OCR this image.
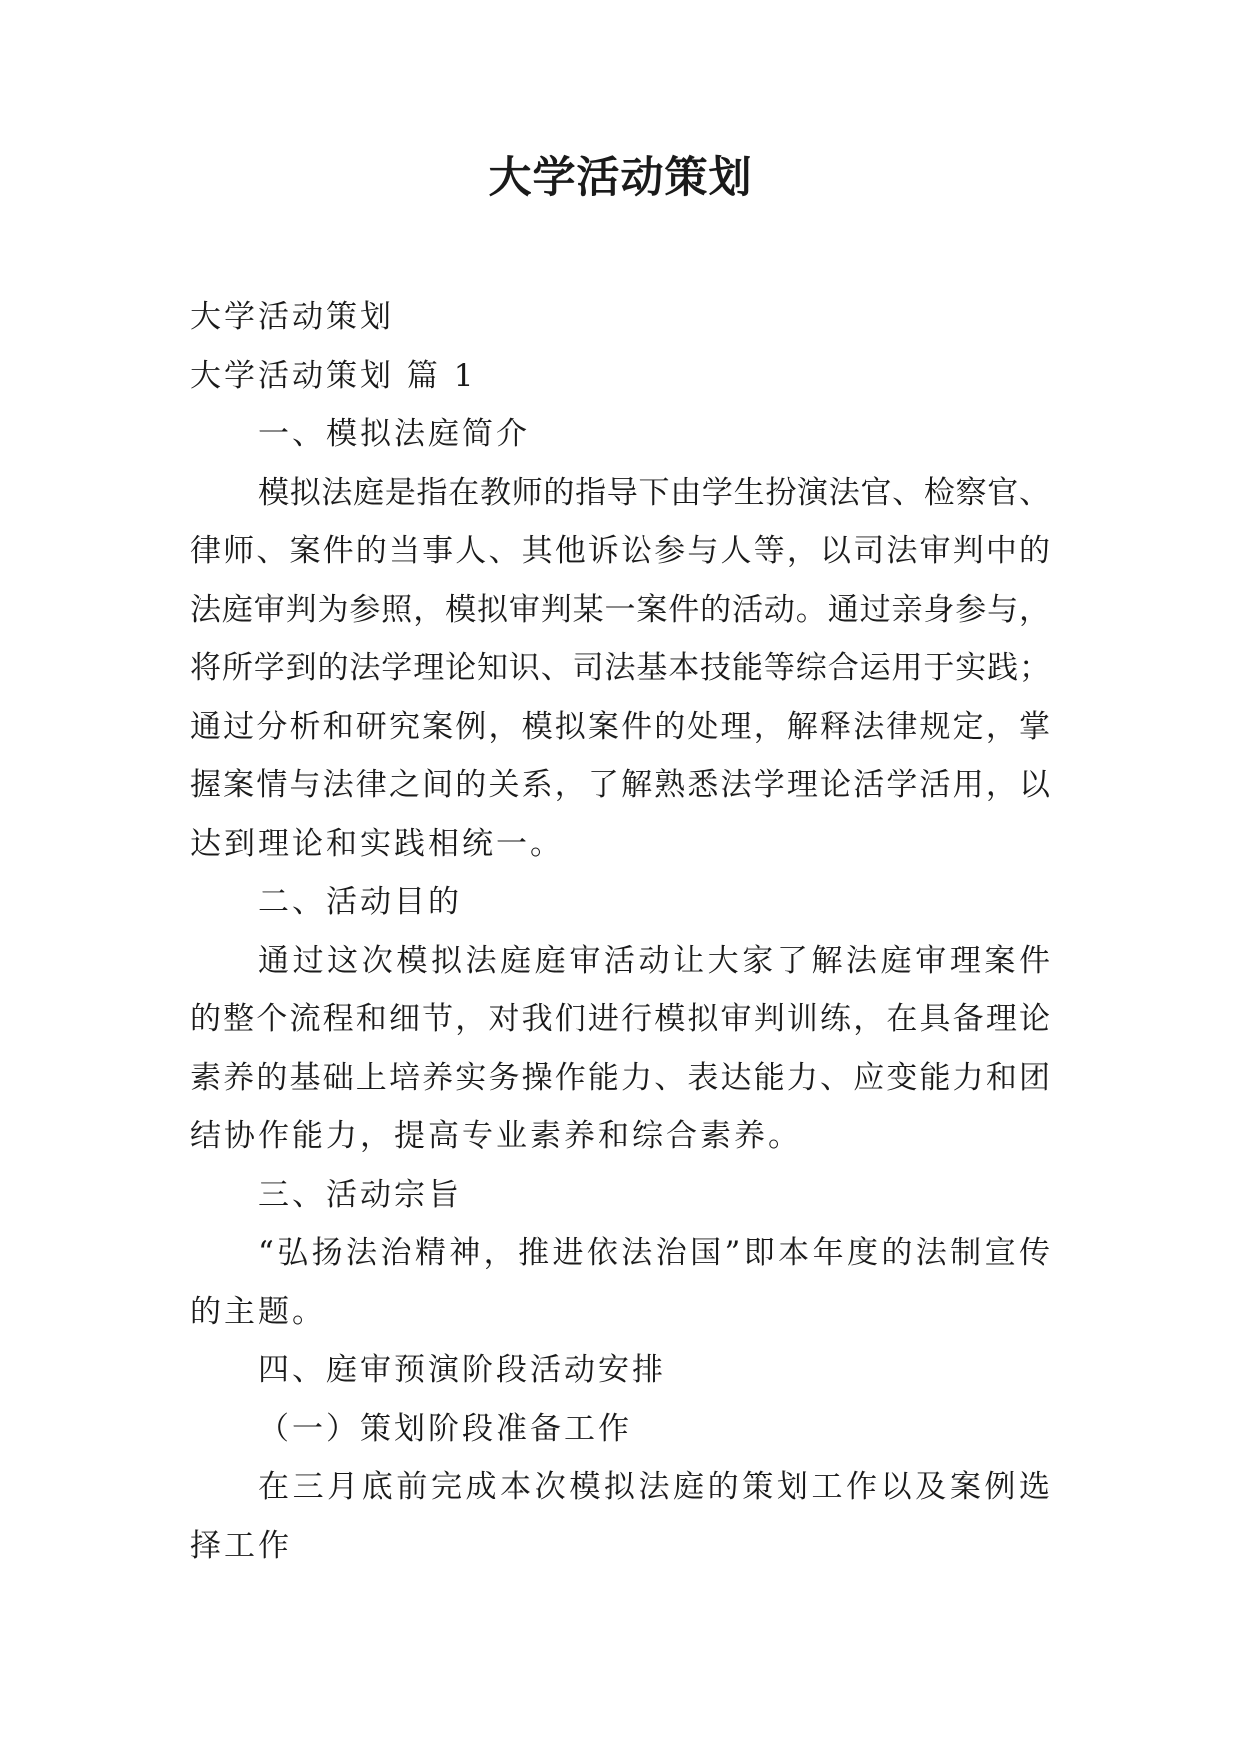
大学活动策划

大学活动策划

大学活动策划 篇 1

一、模拟法庭简介

模拟法庭是指在教师的指导下由学生扮演法官、检察官、

律师、案件的当事人、其他诉讼参与人等，以司法审判中的

法庭审判为参照，模拟审判某一案件的活动。通过亲身参与，

将所学到的法学理论知识、司法基本技能等综合运用于实践；

通过分析和研究案例，模拟案件的处理，解释法律规定，掌

握案情与法律之间的关系，了解熟悉法学理论活学活用，以

达到理论和实践相统一。

二、活动目的

通过这次模拟法庭庭审活动让大家了解法庭审理案件

的整个流程和细节，对我们进行模拟审判训练，在具备理论

素养的基础上培养实务操作能力、表达能力、应变能力和团

结协作能力，提高专业素养和综合素养。

三、活动宗旨

“弘扬法治精神，推进依法治国”即本年度的法制宣传

的主题。

四、庭审预演阶段活动安排

（一）策划阶段准备工作

在三月底前完成本次模拟法庭的策划工作以及案例选

择工作
